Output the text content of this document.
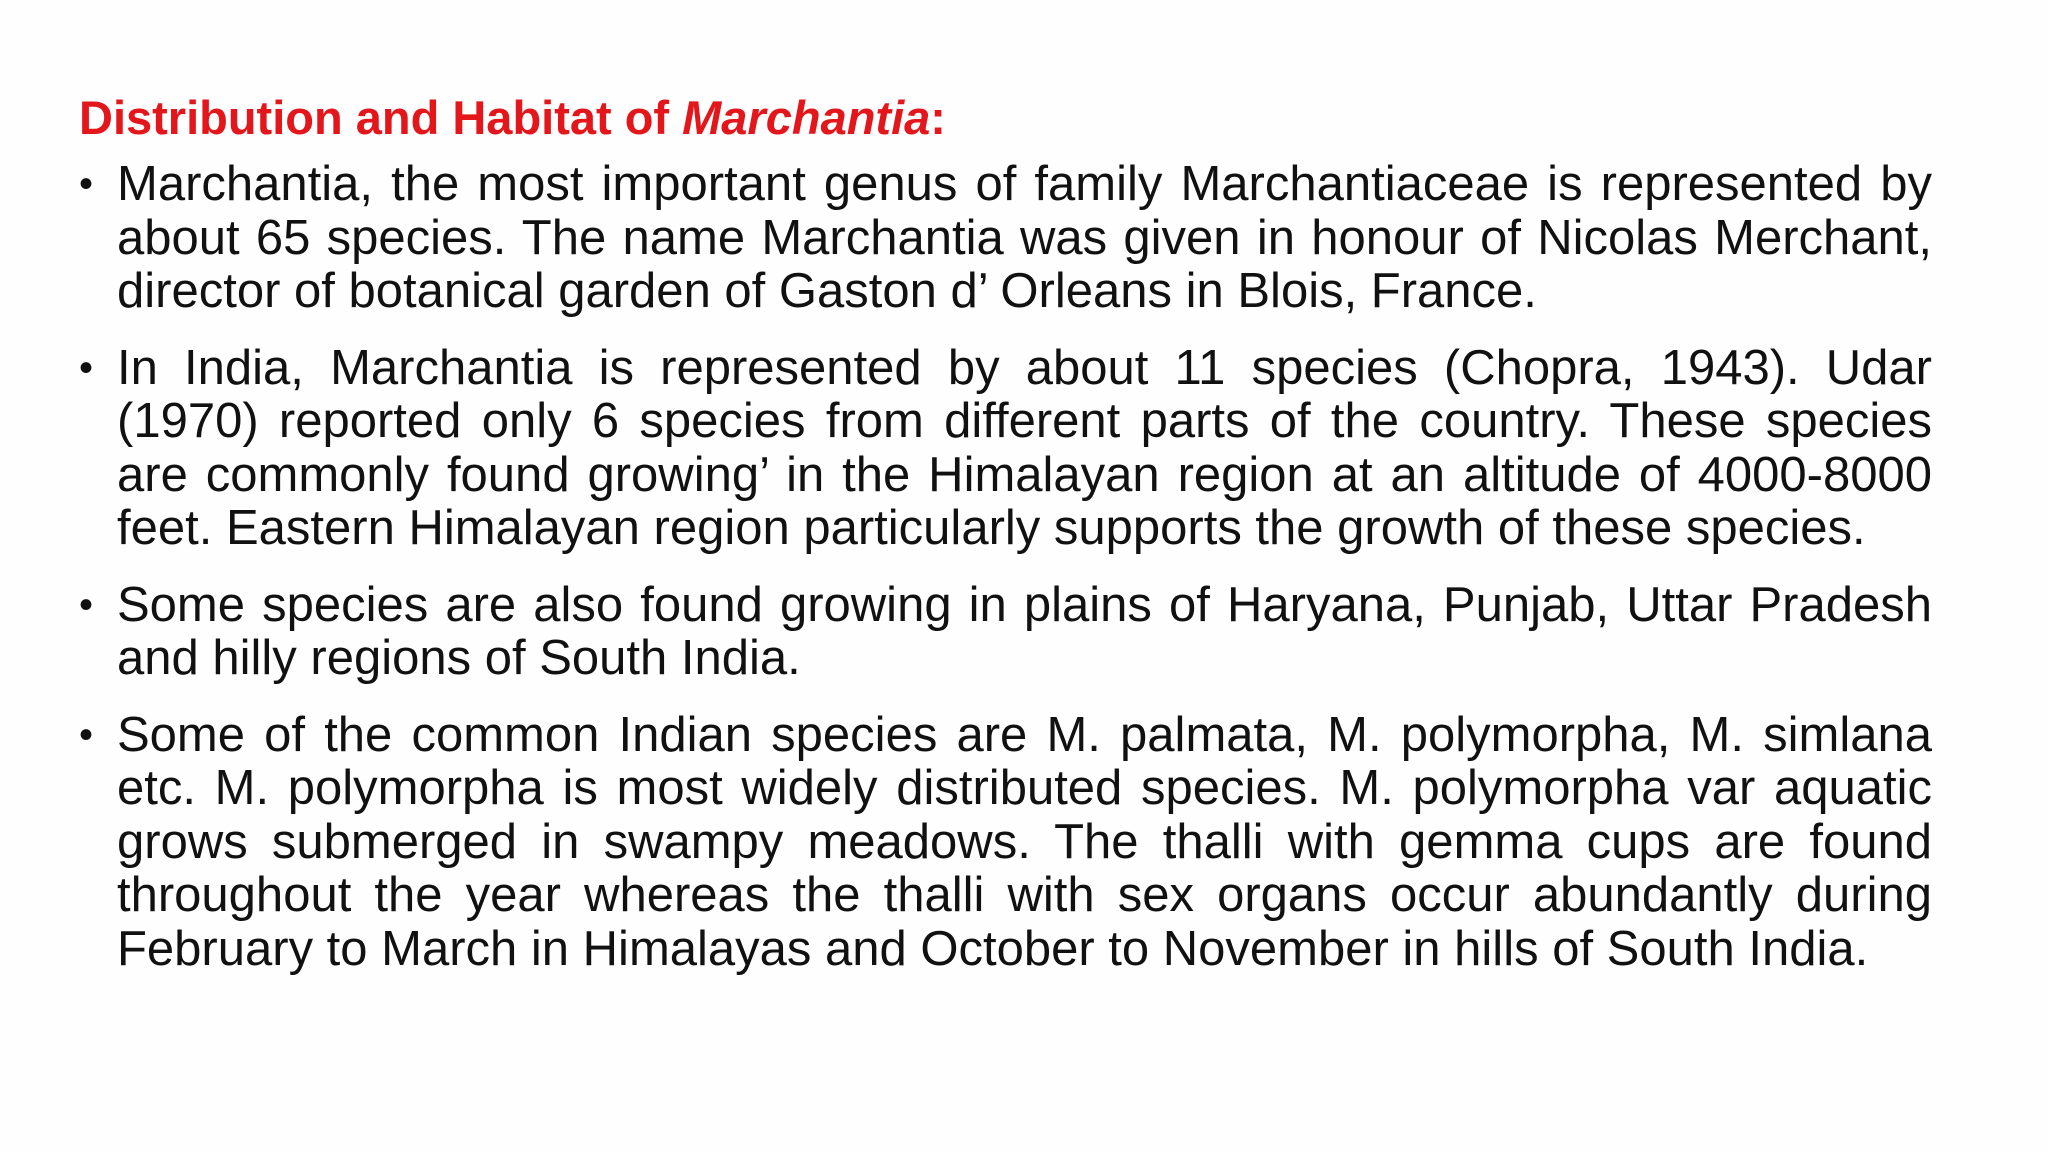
Distribution and Habitat of Marchantia:
• Marchantia, the most important genus of family Marchantiaceae is represented by about 65 species. The name Marchantia was given in honour of Nicolas Merchant, director of botanical garden of Gaston d’ Orleans in Blois, France.
• In India, Marchantia is represented by about 11 species (Chopra, 1943). Udar (1970) reported only 6 species from different parts of the country. These species are commonly found growing’ in the Himalayan region at an altitude of 4000-8000 feet. Eastern Himalayan region particularly supports the growth of these species.
• Some species are also found growing in plains of Haryana, Punjab, Uttar Pradesh and hilly regions of South India.
• Some of the common Indian species are M. palmata, M. polymorpha, M. simlana etc. M. polymorpha is most widely distributed species. M. polymorpha var aquatic grows submerged in swampy meadows. The thalli with gemma cups are found throughout the year whereas the thalli with sex organs occur abundantly during February to March in Himalayas and October to November in hills of South India.
